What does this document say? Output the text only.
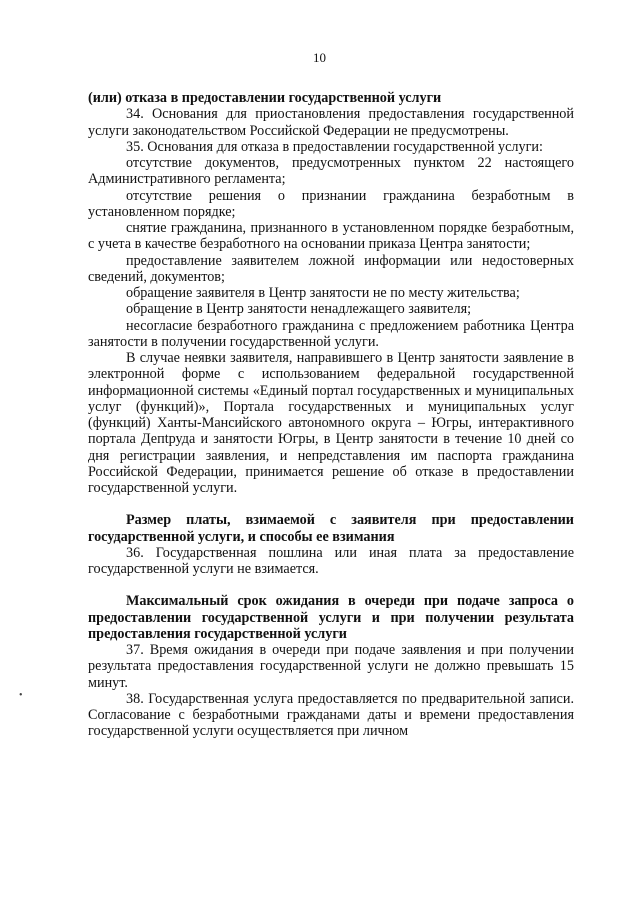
10
•

(или) отказа в предоставлении государственной услуги

34. Основания для приостановления предоставления государственной услуги законодательством Российской Федерации не предусмотрены.

35. Основания для отказа в предоставлении государственной услуги:

отсутствие документов, предусмотренных пунктом 22 настоящего Административного регламента;

отсутствие решения о признании гражданина безработным в установленном порядке;

снятие гражданина, признанного в установленном порядке безработным, с учета в качестве безработного на основании приказа Центра занятости;

предоставление заявителем ложной информации или недостоверных сведений, документов;

обращение заявителя в Центр занятости не по месту жительства;

обращение в Центр занятости ненадлежащего заявителя;

несогласие безработного гражданина с предложением работника Центра занятости в получении государственной услуги.

В случае неявки заявителя, направившего в Центр занятости заявление в электронной форме с использованием федеральной государственной информационной системы «Единый портал государственных и муниципальных услуг (функций)», Портала государственных и муниципальных услуг (функций) Ханты-Мансийского автономного округа – Югры, интерактивного портала Депtруда и занятости Югры, в Центр занятости в течение 10 дней со дня регистрации заявления, и непредставления им паспорта гражданина Российской Федерации, принимается решение об отказе в предоставлении государственной услуги.

Размер платы, взимаемой с заявителя при предоставлении государственной услуги, и способы ее взимания

36. Государственная пошлина или иная плата за предоставление государственной услуги не взимается.

Максимальный срок ожидания в очереди при подаче запроса о предоставлении государственной услуги и при получении результата предоставления государственной услуги

37. Время ожидания в очереди при подаче заявления и при получении результата предоставления государственной услуги не должно превышать 15 минут.

38. Государственная услуга предоставляется по предварительной записи. Согласование с безработными гражданами даты и времени предоставления государственной услуги осуществляется при личном
